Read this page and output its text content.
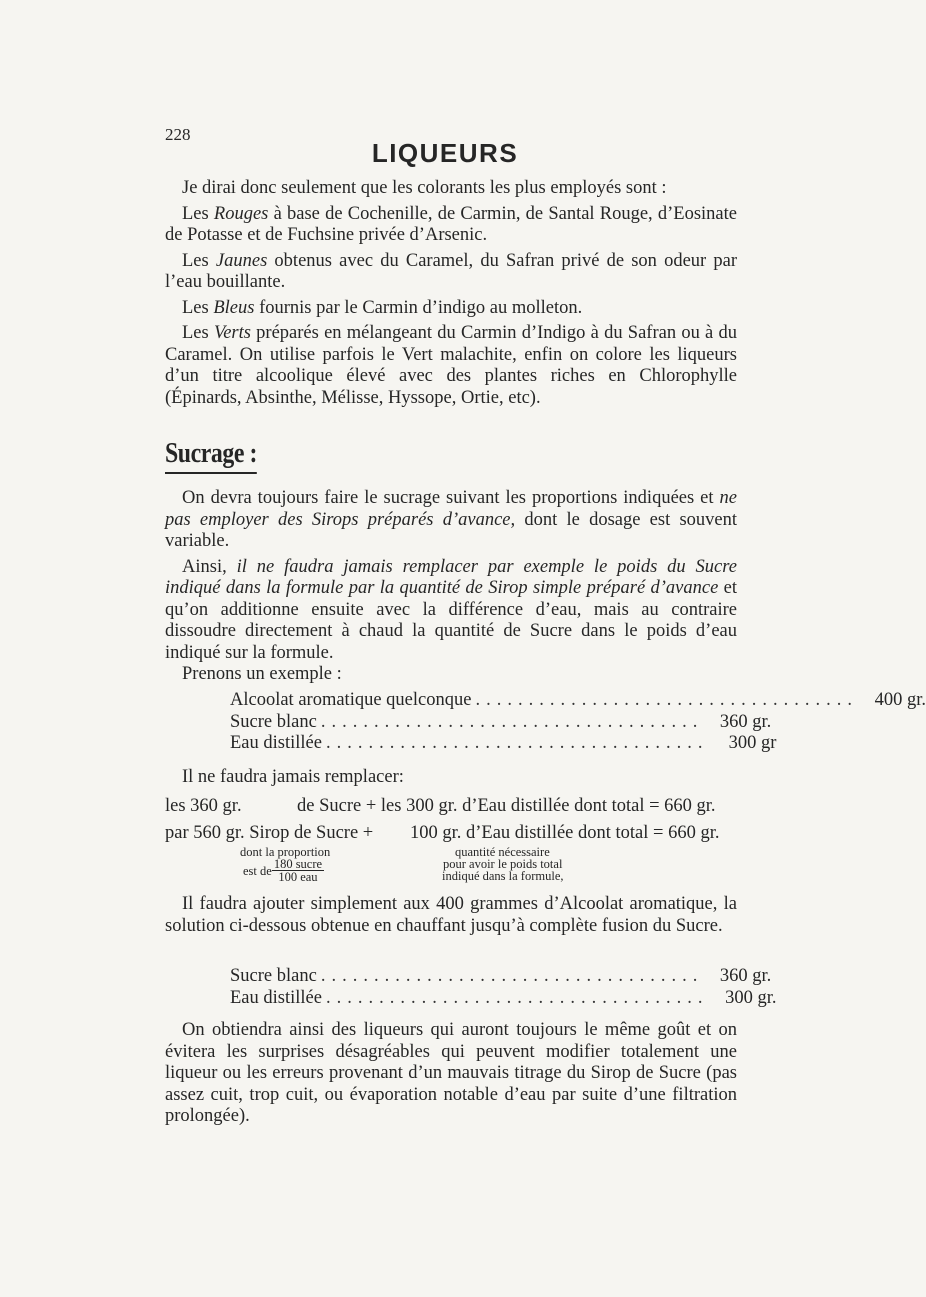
228
LIQUEURS

Je dirai donc seulement que les colorants les plus employés sont :

Les Rouges à base de Cochenille, de Carmin, de Santal Rouge, d’Eosinate de Potasse et de Fuchsine privée d’Arsenic.

Les Jaunes obtenus avec du Caramel, du Safran privé de son odeur par l’eau bouillante.

Les Bleus fournis par le Carmin d’indigo au molleton.

Les Verts préparés en mélangeant du Carmin d’Indigo à du Safran ou à du Caramel. On utilise parfois le Vert malachite, enfin on colore les liqueurs d’un titre alcoolique élevé avec des plantes riches en Chlorophylle (Épinards, Absinthe, Mélisse, Hyssope, Ortie, etc).

Sucrage :

On devra toujours faire le sucrage suivant les proportions indiquées et ne pas employer des Sirops préparés d’avance, dont le dosage est souvent variable.

Ainsi, il ne faudra jamais remplacer par exemple le poids du Sucre indiqué dans la formule par la quantité de Sirop simple préparé d’avance et qu’on additionne ensuite avec la différence d’eau, mais au contraire dissoudre directement à chaud la quantité de Sucre dans le poids d’eau indiqué sur la formule.

Prenons un exemple :

Alcoolat aromatique quelconque .................................... 400 gr.
Sucre blanc .................................... 360 gr.
Eau distillée ....................................	300 gr
Il ne faudra jamais remplacer:
les 360 gr.	de Sucre + les 300 gr. d’Eau distillée dont total = 660 gr.
par 560 gr. Sirop de Sucre + 100 gr. d’Eau distillée dont total = 660 gr.
dont la proportion
est de $\frac{\text{180 sucre}}{\text{100 eau}}$
quantité nécessaire
pour avoir le poids total
indiqué dans la formule,

Il faudra ajouter simplement aux 400 grammes d’Alcoolat aromatique, la solution ci-dessous obtenue en chauffant jusqu’à complète fusion du Sucre.

Sucre blanc .................................... 360 gr.
Eau distillée .................................... 300 gr.

On obtiendra ainsi des liqueurs qui auront toujours le même goût et on évitera les surprises désagréables qui peuvent modifier totalement une liqueur ou les erreurs provenant d’un mauvais titrage du Sirop de Sucre (pas assez cuit, trop cuit, ou évaporation notable d’eau par suite d’une filtration prolongée).
